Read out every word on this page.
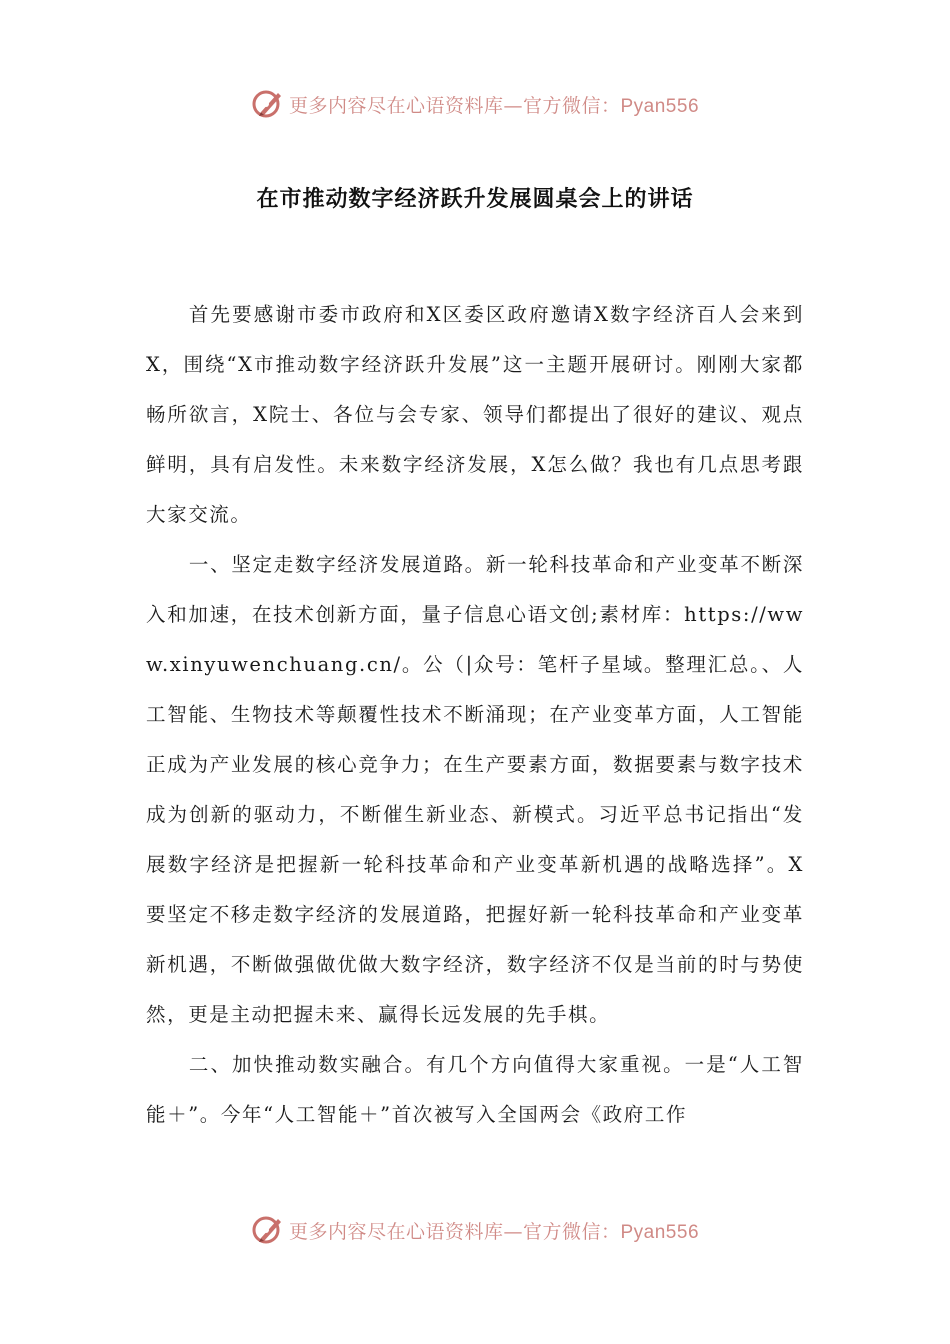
更多内容尽在心语资料库—官方微信：Pyan556
在市推动数字经济跃升发展圆桌会上的讲话

首先要感谢市委市政府和X区委区政府邀请X数字经济百人会来到X，围绕“X市推动数字经济跃升发展”这一主题开展研讨。刚刚大家都畅所欲言，X院士、各位与会专家、领导们都提出了很好的建议、观点鲜明，具有启发性。未来数字经济发展，X怎么做？我也有几点思考跟大家交流。

一、坚定走数字经济发展道路。新一轮科技革命和产业变革不断深入和加速，在技术创新方面，量子信息心语文创;素材库：https://www.xinyuwenchuang.cn/。公（|众号：笔杆子星域。整理汇总。、人工智能、生物技术等颠覆性技术不断涌现；在产业变革方面，人工智能正成为产业发展的核心竞争力；在生产要素方面，数据要素与数字技术成为创新的驱动力，不断催生新业态、新模式。习近平总书记指出“发展数字经济是把握新一轮科技革命和产业变革新机遇的战略选择”。X要坚定不移走数字经济的发展道路，把握好新一轮科技革命和产业变革新机遇，不断做强做优做大数字经济，数字经济不仅是当前的时与势使然，更是主动把握未来、赢得长远发展的先手棋。

二、加快推动数实融合。有几个方向值得大家重视。一是“人工智能＋”。今年“人工智能＋”首次被写入全国两会《政府工作

更多内容尽在心语资料库—官方微信：Pyan556
